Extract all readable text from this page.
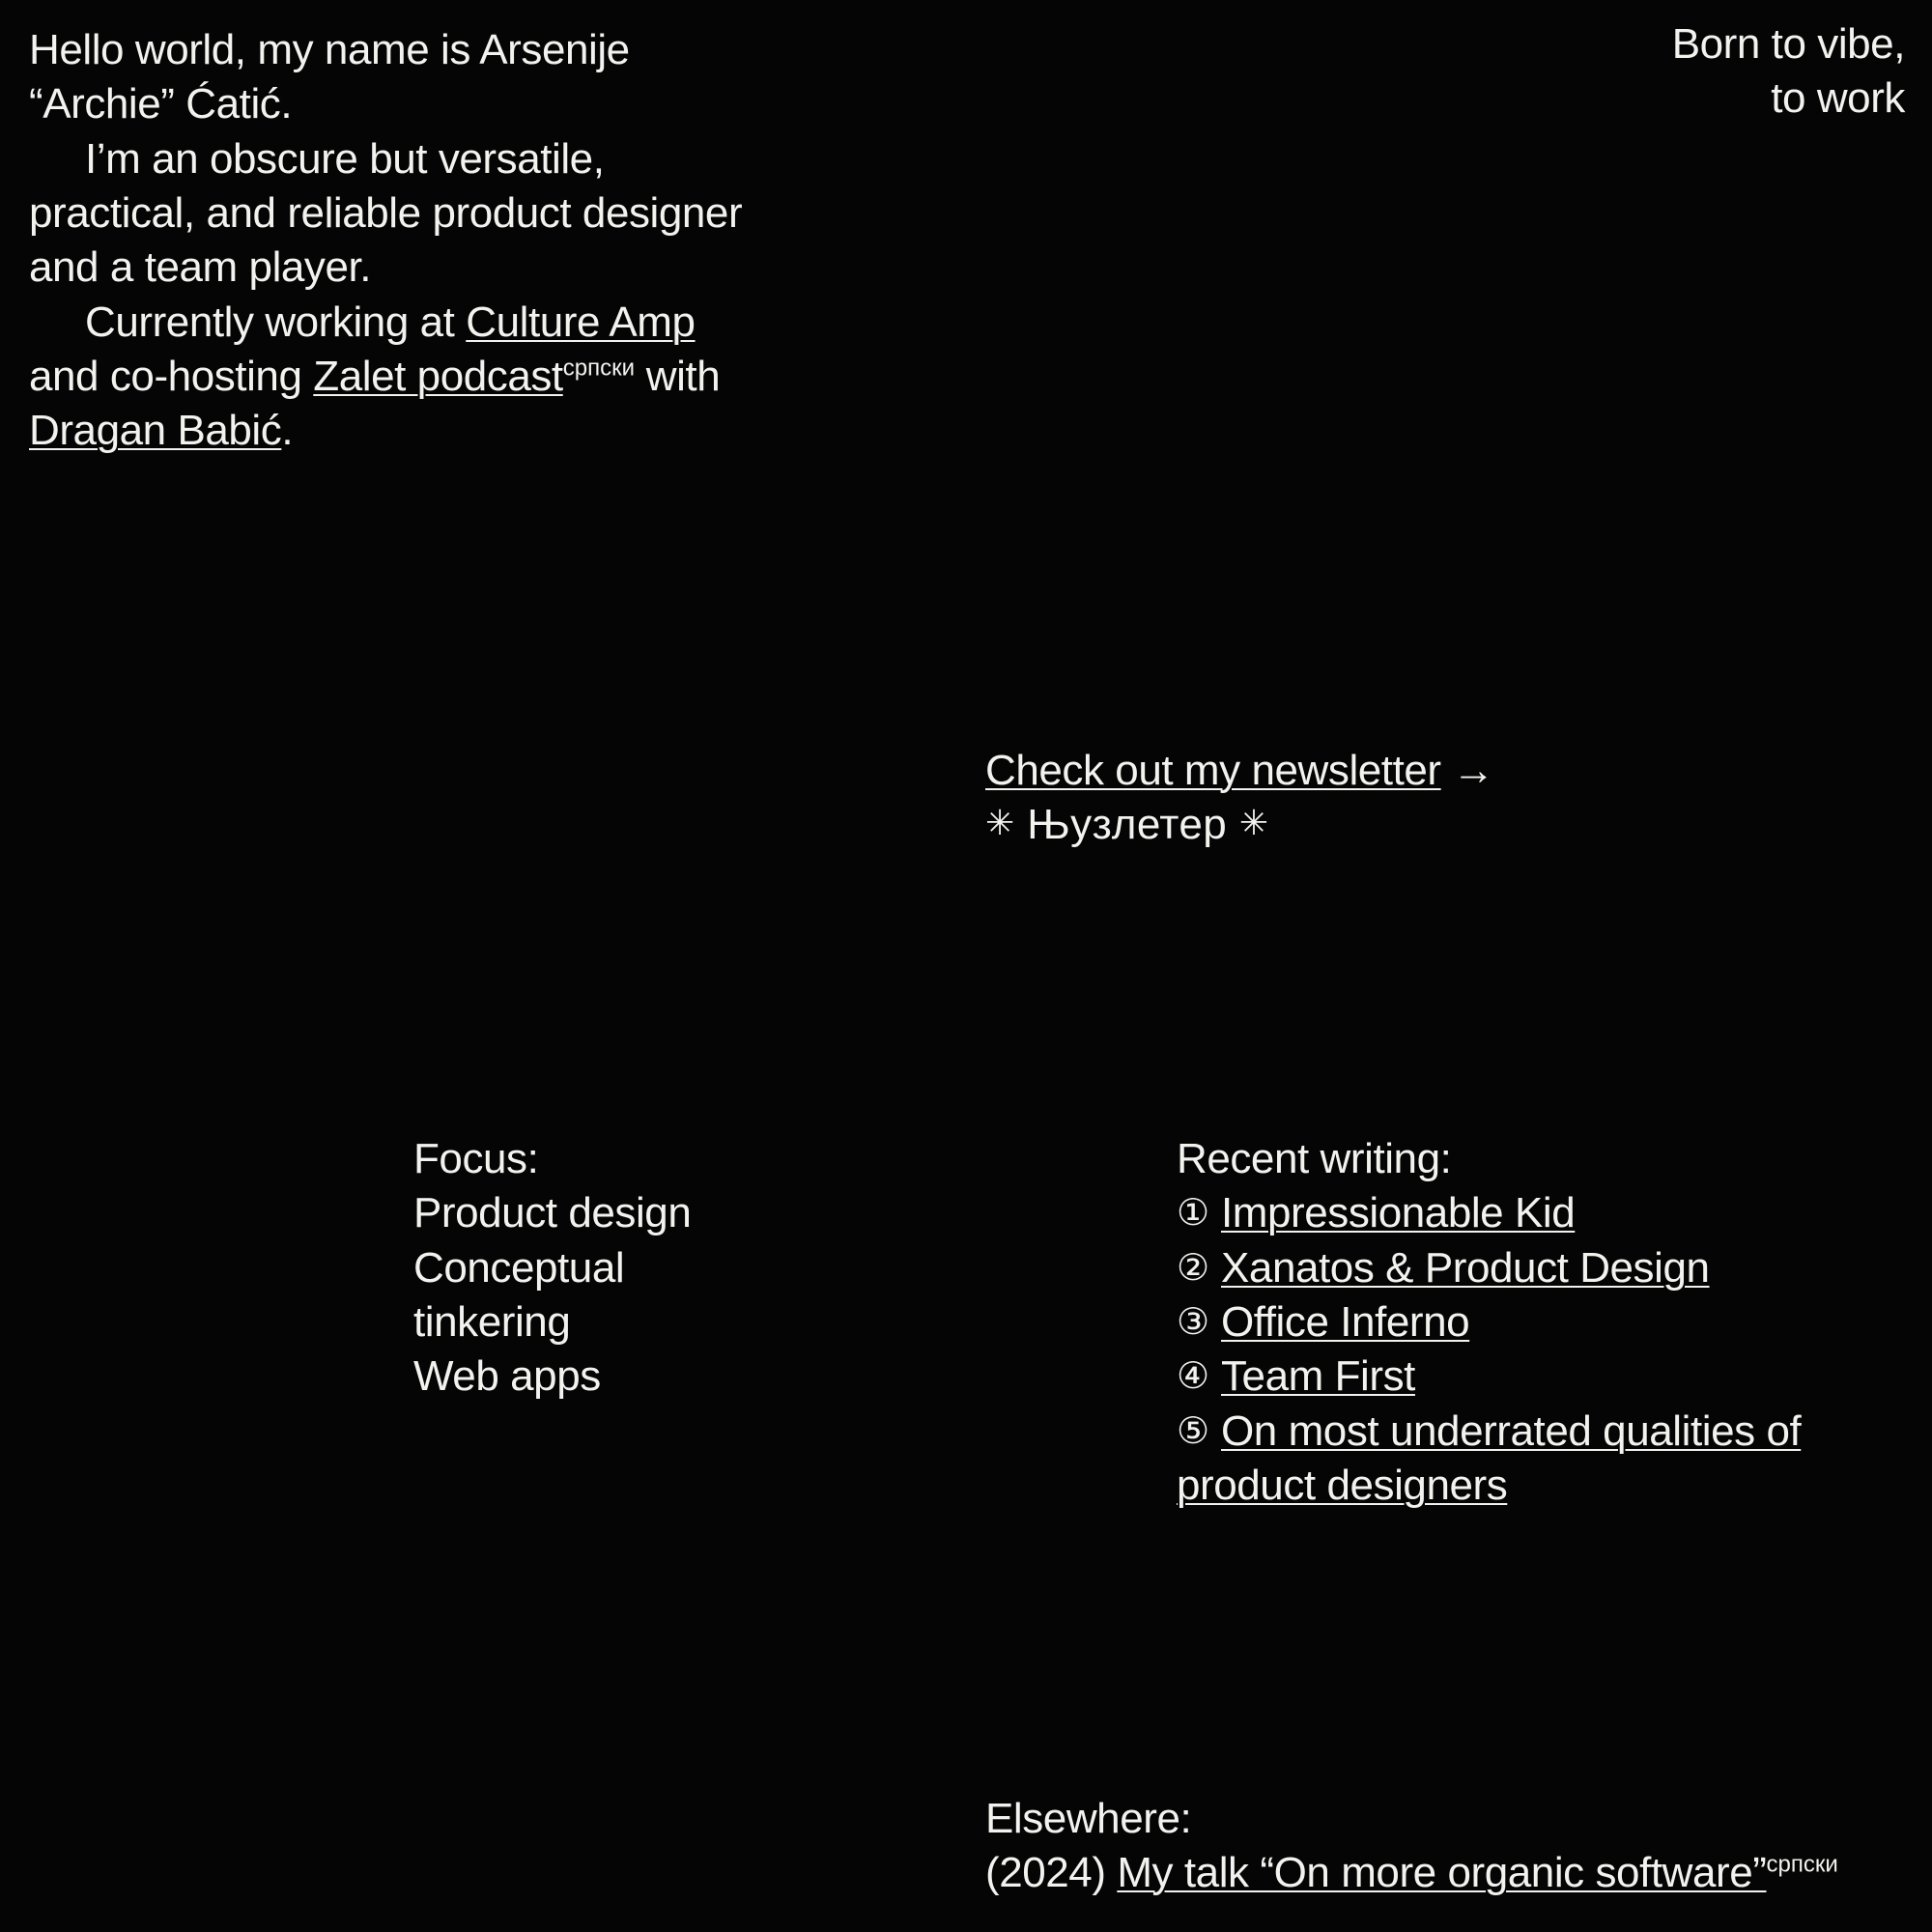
Hello world, my name is Arsenije “Archie” Ćatić.

I’m an obscure but versatile, practical, and reliable product designer and a team player.

Currently working at Culture Amp and co-hosting Zalet podcast$^{српски}$ with Dragan Babić.

Born to vibe,
to work
Check out my newsletter →
✳ Њузлетер ✳
Focus:
Product design
Conceptual
tinkering
Web apps
Recent writing:
① Impressionable Kid
② Xanatos & Product Design
③ Office Inferno
④ Team First
⑤ On most underrated qualities of product designers
Elsewhere:
(2024) My talk “On more organic software”$^{српски}$
